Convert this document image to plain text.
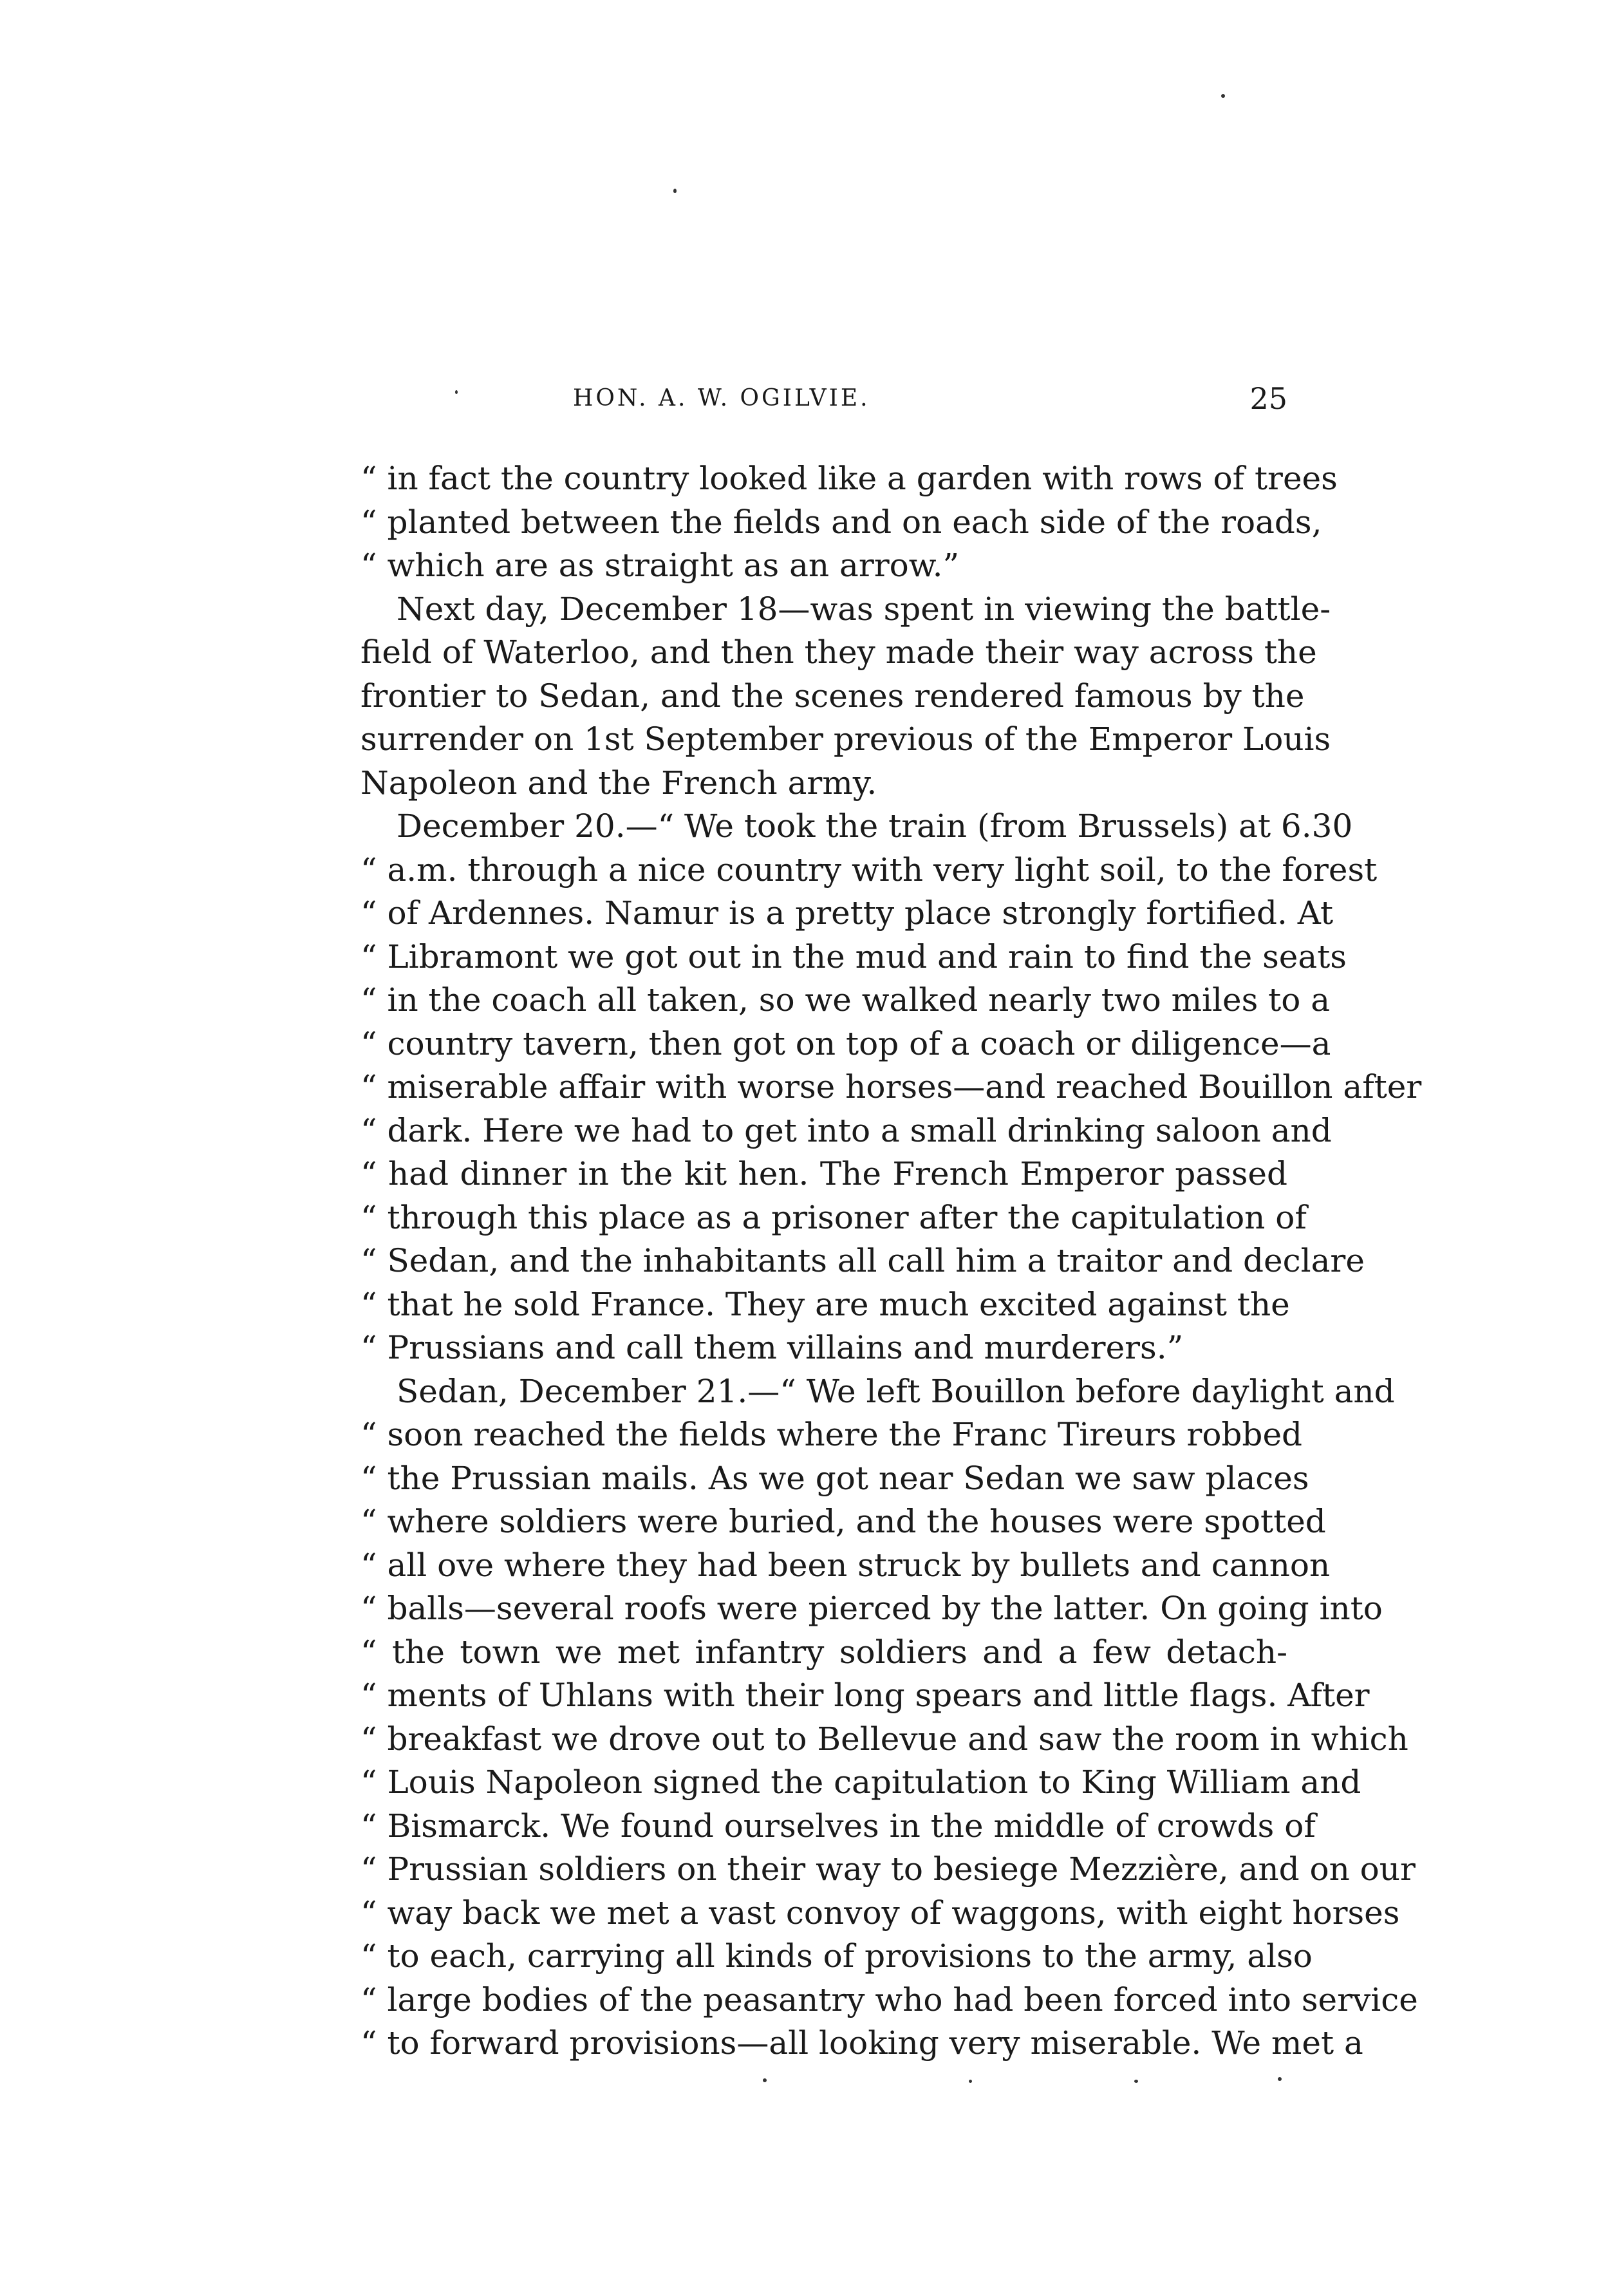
HON. A. W. OGILVIE.	25
“ in fact the country looked like a garden with rows of trees
“ planted between the fields and on each side of the roads,
“ which are as straight as an arrow.”
Next day, December 18—was spent in viewing the battle-
field of Waterloo, and then they made their way across the
frontier to Sedan, and the scenes rendered famous by the
surrender on 1st September previous of the Emperor Louis
Napoleon and the French army.
December 20.—“ We took the train (from Brussels) at 6.30
“ a.m. through a nice country with very light soil, to the forest
“ of Ardennes. Namur is a pretty place strongly fortified. At
“ Libramont we got out in the mud and rain to find the seats
“ in the coach all taken, so we walked nearly two miles to a
“ country tavern, then got on top of a coach or diligence—a
“ miserable affair with worse horses—and reached Bouillon after
“ dark. Here we had to get into a small drinking saloon and
“ had dinner in the kit hen. The French Emperor passed
“ through this place as a prisoner after the capitulation of
“ Sedan, and the inhabitants all call him a traitor and declare
“ that he sold France. They are much excited against the
“ Prussians and call them villains and murderers.”
Sedan, December 21.—“ We left Bouillon before daylight and
“ soon reached the fields where the Franc Tireurs robbed
“ the Prussian mails. As we got near Sedan we saw places
“ where soldiers were buried, and the houses were spotted
“ all ove where they had been struck by bullets and cannon
“ balls—several roofs were pierced by the latter. On going into
“ the town we met infantry soldiers and a few detach-
“ ments of Uhlans with their long spears and little flags. After
“ breakfast we drove out to Bellevue and saw the room in which
“ Louis Napoleon signed the capitulation to King William and
“ Bismarck. We found ourselves in the middle of crowds of
“ Prussian soldiers on their way to besiege Mezzière, and on our
“ way back we met a vast convoy of waggons, with eight horses
“ to each, carrying all kinds of provisions to the army, also
“ large bodies of the peasantry who had been forced into service
“ to forward provisions—all looking very miserable. We met a
